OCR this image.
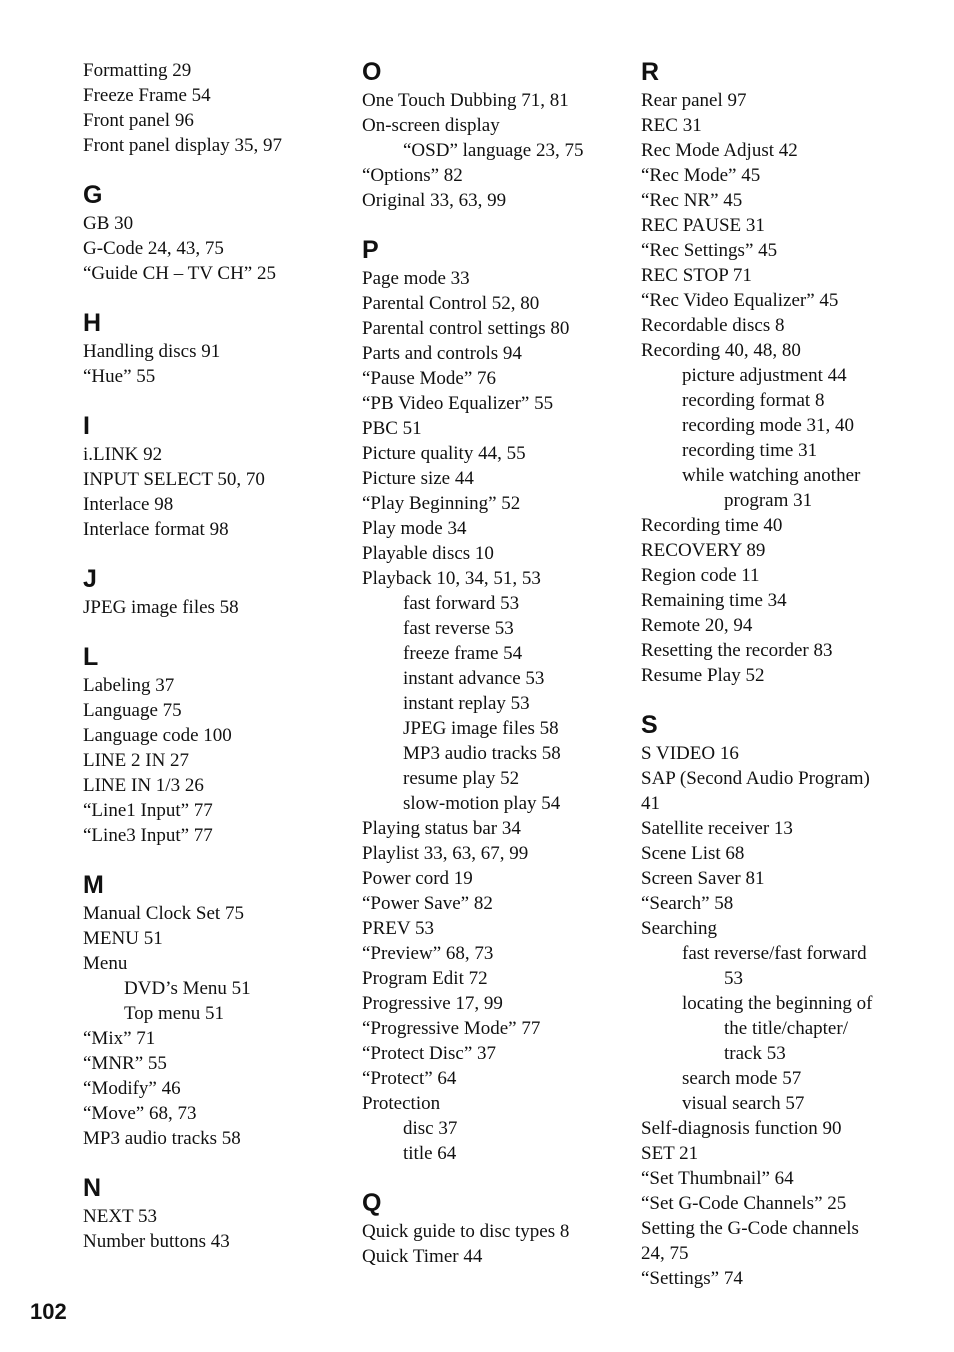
Formatting 29
Freeze Frame 54
Front panel 96
Front panel display 35, 97
G
GB 30
G-Code 24, 43, 75
“Guide CH – TV CH” 25
H
Handling discs 91
“Hue” 55
I
i.LINK 92
INPUT SELECT 50, 70
Interlace 98
Interlace format 98
J
JPEG image files 58
L
Labeling 37
Language 75
Language code 100
LINE 2 IN 27
LINE IN 1/3 26
“Line1 Input” 77
“Line3 Input” 77
M
Manual Clock Set 75
MENU 51
Menu
DVD’s Menu 51
Top menu 51
“Mix” 71
“MNR” 55
“Modify” 46
“Move” 68, 73
MP3 audio tracks 58
N
NEXT 53
Number buttons 43
O
One Touch Dubbing 71, 81
On-screen display
“OSD” language 23, 75
“Options” 82
Original 33, 63, 99
P
Page mode 33
Parental Control 52, 80
Parental control settings 80
Parts and controls 94
“Pause Mode” 76
“PB Video Equalizer” 55
PBC 51
Picture quality 44, 55
Picture size 44
“Play Beginning” 52
Play mode 34
Playable discs 10
Playback 10, 34, 51, 53
fast forward 53
fast reverse 53
freeze frame 54
instant advance 53
instant replay 53
JPEG image files 58
MP3 audio tracks 58
resume play 52
slow-motion play 54
Playing status bar 34
Playlist 33, 63, 67, 99
Power cord 19
“Power Save” 82
PREV 53
“Preview” 68, 73
Program Edit 72
Progressive 17, 99
“Progressive Mode” 77
“Protect Disc” 37
“Protect” 64
Protection
disc 37
title 64
Q
Quick guide to disc types 8
Quick Timer 44
R
Rear panel 97
REC 31
Rec Mode Adjust 42
“Rec Mode” 45
“Rec NR” 45
REC PAUSE 31
“Rec Settings” 45
REC STOP 71
“Rec Video Equalizer” 45
Recordable discs 8
Recording 40, 48, 80
picture adjustment 44
recording format 8
recording mode 31, 40
recording time 31
while watching another
program 31
Recording time 40
RECOVERY 89
Region code 11
Remaining time 34
Remote 20, 94
Resetting the recorder 83
Resume Play 52
S
S VIDEO 16
SAP (Second Audio Program)
41
Satellite receiver 13
Scene List 68
Screen Saver 81
“Search” 58
Searching
fast reverse/fast forward
53
locating the beginning of
the title/chapter/
track 53
search mode 57
visual search 57
Self-diagnosis function 90
SET 21
“Set Thumbnail” 64
“Set G-Code Channels” 25
Setting the G-Code channels
24, 75
“Settings” 74
102
